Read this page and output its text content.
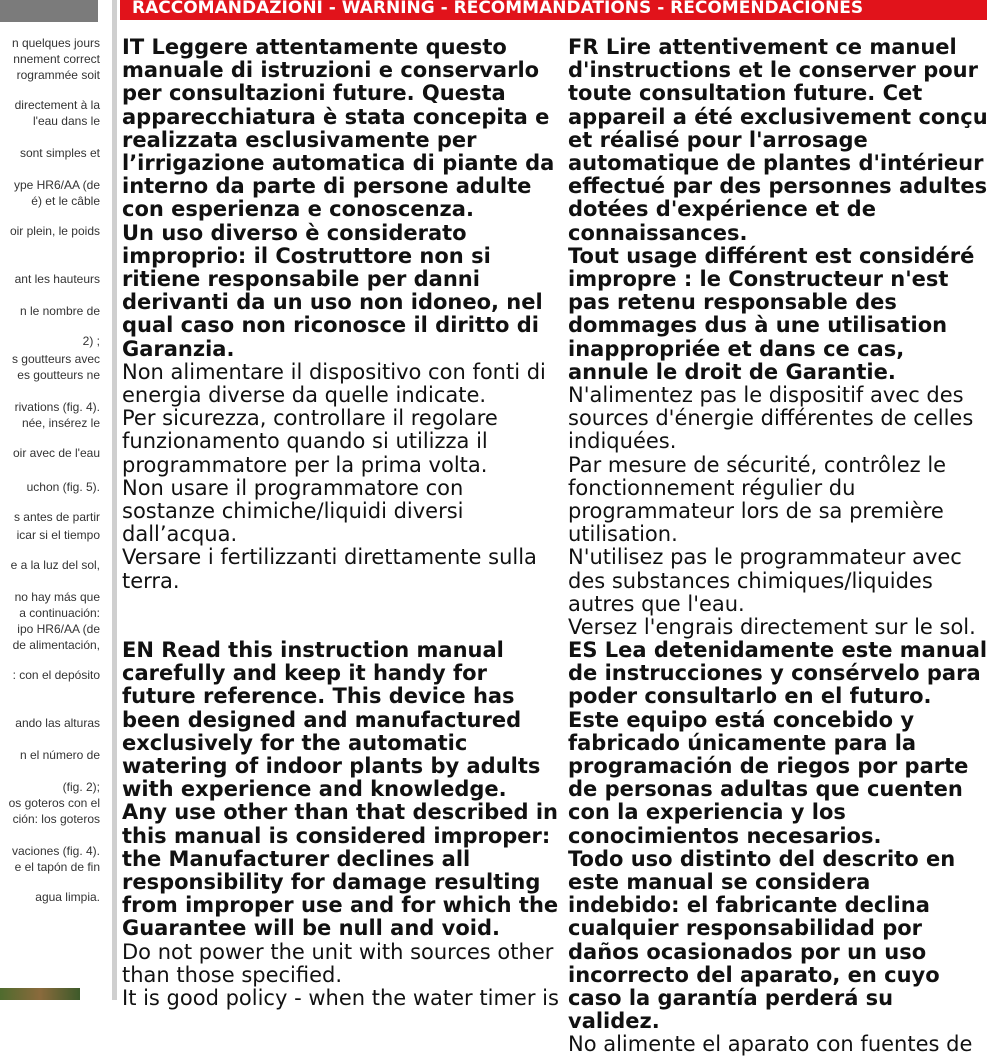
n quelques jours
nnement correct
rogrammée soit
directement à la
l'eau dans le
sont simples et
ype HR6/AA (de
é) et le câble
oir plein, le poids
ant les hauteurs
n le nombre de
2) ;
s goutteurs avec
es goutteurs ne
rivations (fig. 4).
née, insérez le
oir avec de l'eau
uchon (fig. 5).
s antes de partir
icar si el tiempo
e a la luz del sol,
no hay más que
a continuación:
ipo HR6/AA (de
de alimentación,
: con el depósito
ando las alturas
n el número de
(fig. 2);
os goteros con el
ción: los goteros
vaciones (fig. 4).
e el tapón de fin
agua limpia.
RACCOMANDAZIONI - WARNING - RECOMMANDATIONS - RECOMENDACIONES

IT Leggere attentamente questo manuale di istruzioni e conservarlo per consultazioni future. Questa apparecchiatura è stata concepita e realizzata esclusivamente per l’irrigazione automatica di piante da interno da parte di persone adulte con esperienza e conoscenza.
Un uso diverso è considerato improprio: il Costruttore non si ritiene responsabile per danni derivanti da un uso non idoneo, nel qual caso non riconosce il diritto di Garanzia.

Non alimentare il dispositivo con fonti di energia diverse da quelle indicate.
Per sicurezza, controllare il regolare funzionamento quando si utilizza il programmatore per la prima volta.
Non usare il programmatore con sostanze chimiche/liquidi diversi dall’acqua.
Versare i fertilizzanti direttamente sulla terra.

FR Lire attentivement ce manuel d'instructions et le conserver pour toute consultation future. Cet appareil a été exclusivement conçu et réalisé pour l'arrosage automatique de plantes d'intérieur effectué par des personnes adultes dotées d'expérience et de connaissances.
Tout usage différent est considéré impropre : le Constructeur n'est pas retenu responsable des dommages dus à une utilisation inappropriée et dans ce cas, annule le droit de Garantie.

N'alimentez pas le dispositif avec des sources d'énergie différentes de celles indiquées.
Par mesure de sécurité, contrôlez le fonctionnement régulier du programmateur lors de sa première utilisation.
N'utilisez pas le programmateur avec des substances chimiques/liquides autres que l'eau.
Versez l'engrais directement sur le sol.

EN Read this instruction manual carefully and keep it handy for future reference. This device has been designed and manufactured exclusively for the automatic watering of indoor plants by adults with experience and knowledge.
Any use other than that described in this manual is considered improper: the Manufacturer declines all responsibility for damage resulting from improper use and for which the Guarantee will be null and void.

Do not power the unit with sources other than those specified.
It is good policy - when the water timer is

ES Lea detenidamente este manual de instrucciones y consérvelo para poder consultarlo en el futuro. Este equipo está concebido y fabricado únicamente para la programación de riegos por parte de personas adultas que cuenten con la experiencia y los conocimientos necesarios.
Todo uso distinto del descrito en este manual se considera indebido: el fabricante declina cualquier responsabilidad por daños ocasionados por un uso incorrecto del aparato, en cuyo caso la garantía perderá su validez.

No alimente el aparato con fuentes de
